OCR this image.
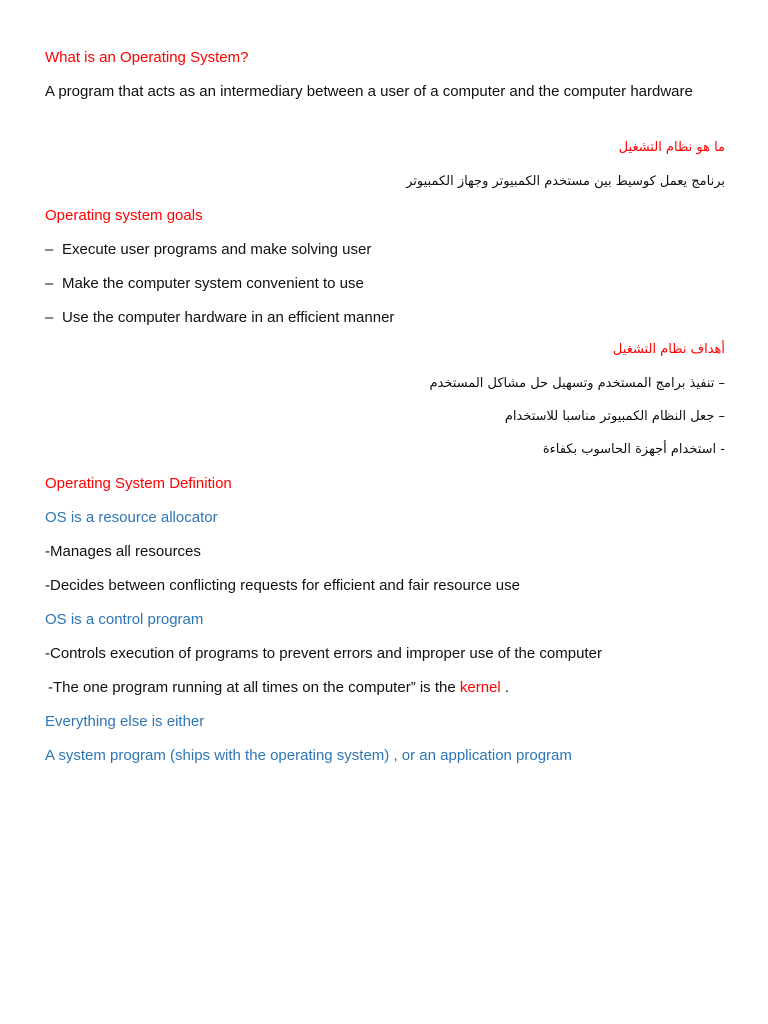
What is an Operating System?
A program that acts as an intermediary between a user of a computer and the computer hardware
ما هو نظام التشغيل
برنامج يعمل كوسيط بين مستخدم الكمبيوتر وجهاز الكمبيوتر
Operating system goals
– Execute user programs and make solving user
– Make the computer system convenient to use
– Use the computer hardware in an efficient manner
أهداف نظام التشغيل
– تنفيذ برامج المستخدم وتسهيل حل مشاكل المستخدم
– جعل النظام الكمبيوتر مناسبا للاستخدام
- استخدام أجهزة الحاسوب بكفاءة
Operating System Definition
OS is a resource allocator
-Manages all resources
-Decides between conflicting requests for efficient and fair resource use
OS is a control program
-Controls execution of programs to prevent errors and improper use of the computer
-The one program running at all times on the computer” is the kernel .
Everything else is either
A system program (ships with the operating system) , or an application program
